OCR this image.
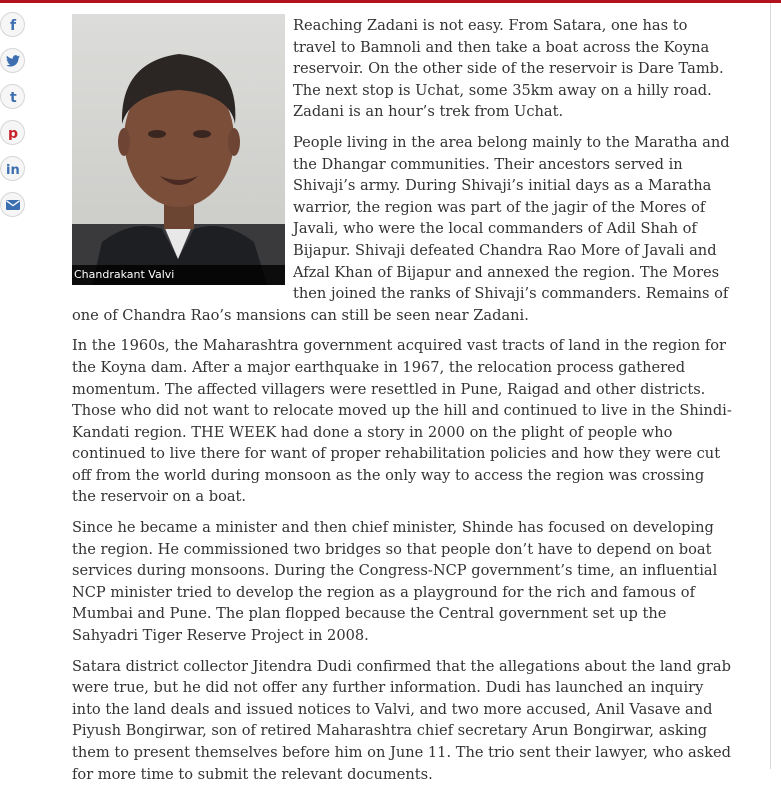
f
t
p
in
Chandrakant Valvi

Reaching Zadani is not easy. From Satara, one has to travel to Bamnoli and then take a boat across the Koyna reservoir. On the other side of the reservoir is Dare Tamb. The next stop is Uchat, some 35km away on a hilly road. Zadani is an hour’s trek from Uchat.

People living in the area belong mainly to the Maratha and the Dhangar communities. Their ancestors served in Shivaji’s army. During Shivaji’s initial days as a Maratha warrior, the region was part of the jagir of the Mores of Javali, who were the local commanders of Adil Shah of Bijapur. Shivaji defeated Chandra Rao More of Javali and Afzal Khan of Bijapur and annexed the region. The Mores then joined the ranks of Shivaji’s commanders. Remains of one of Chandra Rao’s mansions can still be seen near Zadani.

In the 1960s, the Maharashtra government acquired vast tracts of land in the region for the Koyna dam. After a major earthquake in 1967, the relocation process gathered momentum. The affected villagers were resettled in Pune, Raigad and other districts. Those who did not want to relocate moved up the hill and continued to live in the Shindi-Kandati region. THE WEEK had done a story in 2000 on the plight of people who continued to live there for want of proper rehabilitation policies and how they were cut off from the world during monsoon as the only way to access the region was crossing the reservoir on a boat.

Since he became a minister and then chief minister, Shinde has focused on developing the region. He commissioned two bridges so that people don’t have to depend on boat services during monsoons. During the Congress-NCP government’s time, an influential NCP minister tried to develop the region as a playground for the rich and famous of Mumbai and Pune. The plan flopped because the Central government set up the Sahyadri Tiger Reserve Project in 2008.

Satara district collector Jitendra Dudi confirmed that the allegations about the land grab were true, but he did not offer any further information. Dudi has launched an inquiry into the land deals and issued notices to Valvi, and two more accused, Anil Vasave and Piyush Bongirwar, son of retired Maharashtra chief secretary Arun Bongirwar, asking them to present themselves before him on June 11. The trio sent their lawyer, who asked for more time to submit the relevant documents.
